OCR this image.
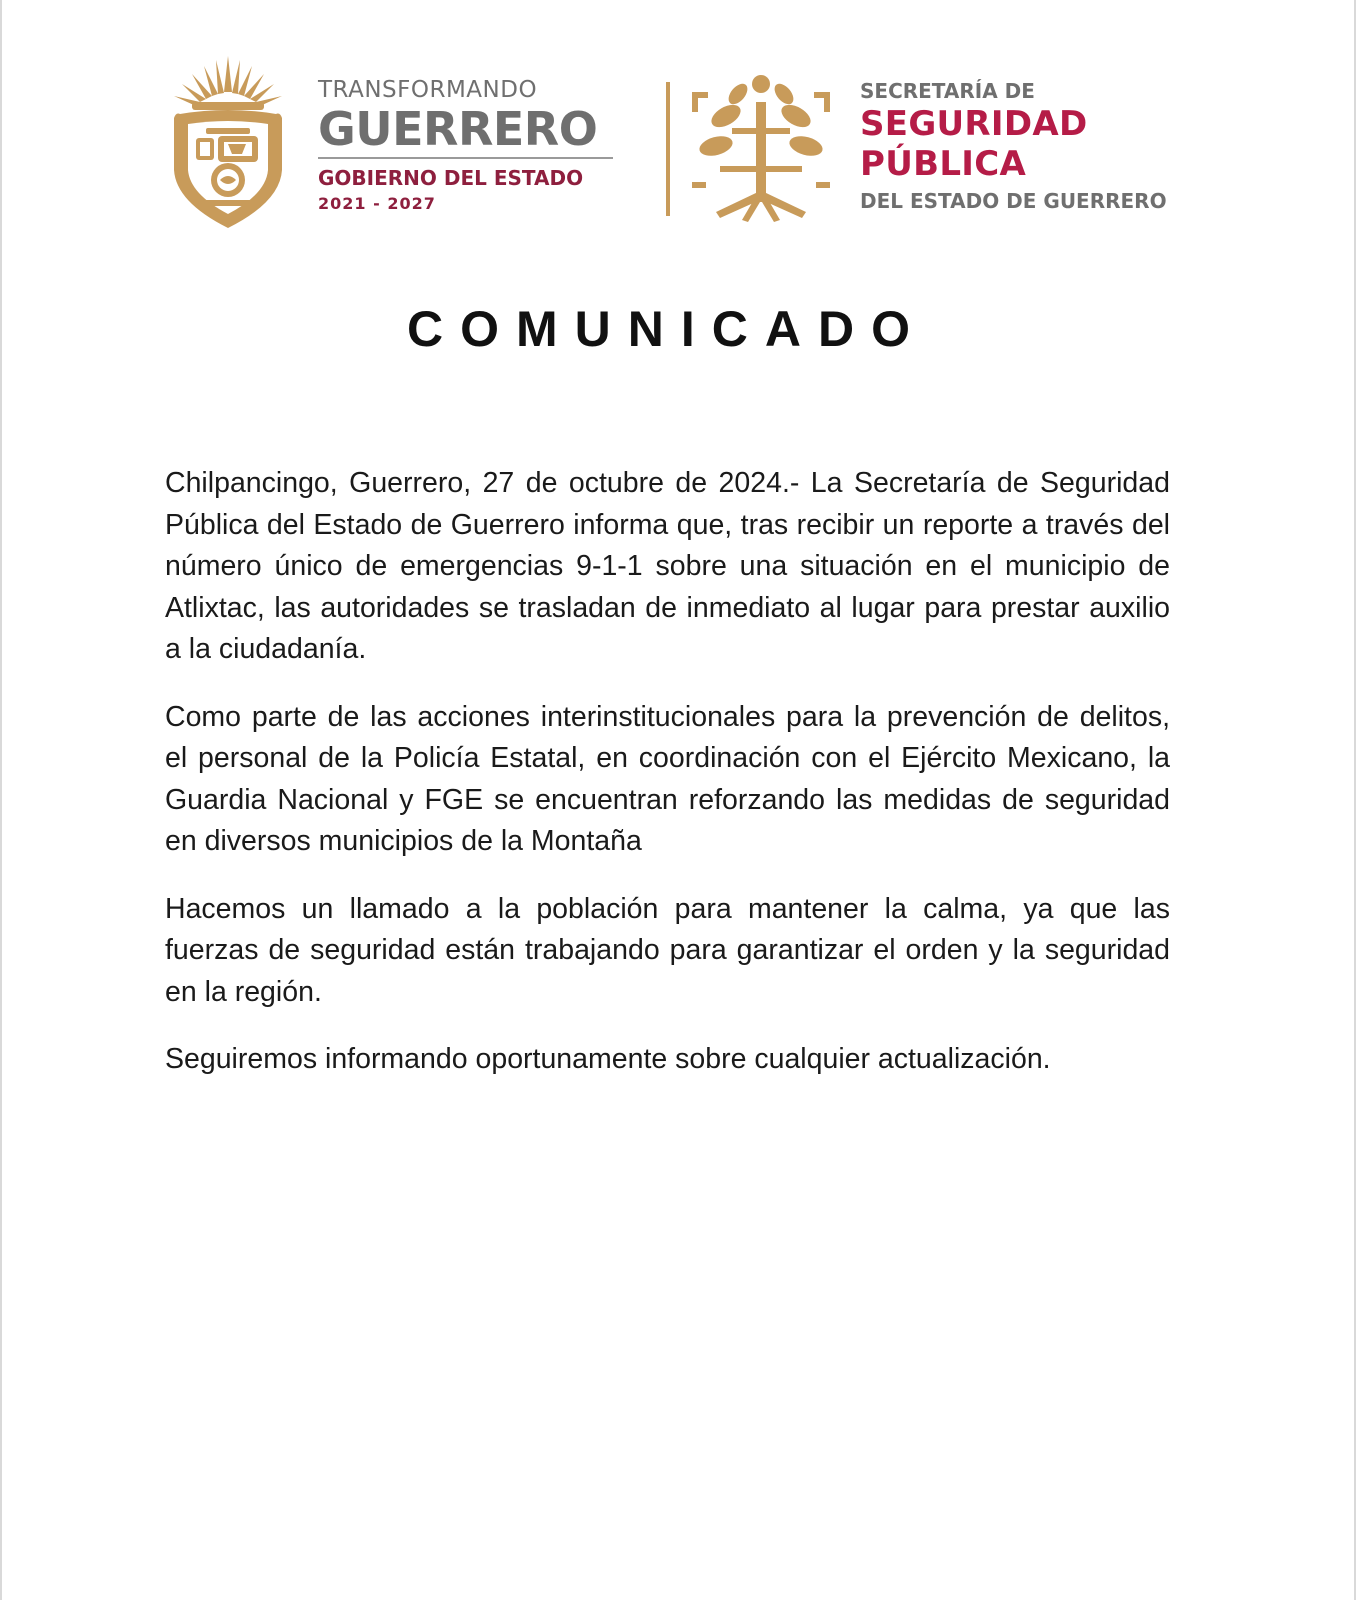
TRANSFORMANDO
GUERRERO
GOBIERNO DEL ESTADO
2021 - 2027
SECRETARÍA DE
SEGURIDAD
PÚBLICA
DEL ESTADO DE GUERRERO
COMUNICADO

Chilpancingo, Guerrero, 27 de octubre de 2024.- La Secretaría de Seguridad Pública del Estado de Guerrero informa que, tras recibir un reporte a través del número único de emergencias 9-1-1 sobre una situación en el municipio de Atlixtac, las autoridades se trasladan de inmediato al lugar para prestar auxilio a la ciudadanía.

Como parte de las acciones interinstitucionales para la prevención de delitos, el personal de la Policía Estatal, en coordinación con el Ejército Mexicano, la Guardia Nacional y FGE se encuentran reforzando las medidas de seguridad en diversos municipios de la Montaña

Hacemos un llamado a la población para mantener la calma, ya que las fuerzas de seguridad están trabajando para garantizar el orden y la seguridad en la región.

Seguiremos informando oportunamente sobre cualquier actualización.
